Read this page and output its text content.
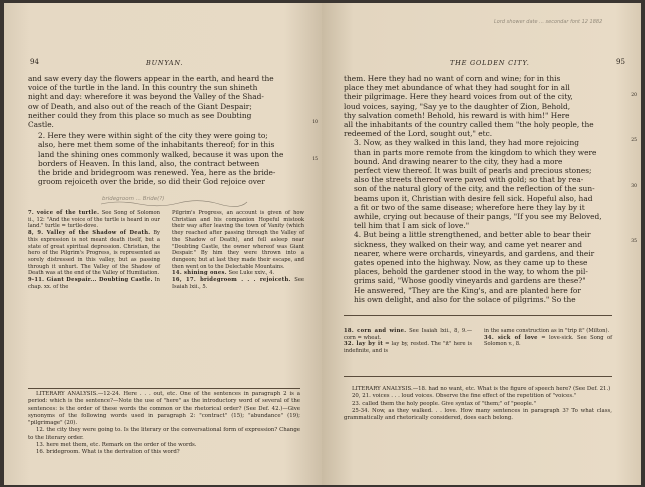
94	BUNYAN.

and saw every day the flowers appear in the earth, and heard the
voice of the turtle in the land. In this country the sun shineth
night and day: wherefore it was beyond the Valley of the Shad-
ow of Death, and also out of the reach of the Giant Despair;
neither could they from this place so much as see Doubting
Castle.

2. Here they were within sight of the city they were going to;
also, here met them some of the inhabitants thereof; for in this
land the shining ones commonly walked, because it was upon the
borders of Heaven. In this land, also, the contract between
the bride and bridegroom was renewed. Yea, here as the bride-
groom rejoiceth over the bride, so did their God rejoice over

10
15
bridegroom ... Bride(?)
7. voice of the turtle. See Song of Solomon ii., 12: "And the voice of the turtle is heard in our land." turtle = turtle-dove.
8, 9. Valley of the Shadow of Death. By this expression is not meant death itself, but a state of great spiritual depression. Christian, the hero of the Pilgrim's Progress, is represented as sorely distressed in this valley, but as passing through it unhurt. The Valley of the Shadow of Death was at the end of the Valley of Humiliation.
9-11. Giant Despair... Doubting Castle. In chap. xx. of the
Pilgrim's Progress, an account is given of how Christian and his companion Hopeful mistook their way after leaving the town of Vanity (which they reached after passing through the Valley of the Shadow of Death), and fell asleep near "Doubting Castle, the owner whereof was Giant Despair." By him they were thrown into a dungeon; but at last they made their escape, and then went on to the Delectable Mountains.
14. shining ones. See Luke xxiv., 4.
16, 17. bridegroom . . . rejoiceth. See Isaiah lxii., 5.

LITERARY ANALYSIS.—12-24. Here . . . out, etc. One of the sentences in paragraph 2 is a period: which is the sentence?—Note the use of "here" as the introductory word of several of the sentences: is the order of these words the common or the rhetorical order? (See Def. 42.)—Give synonyms of the following words used in paragraph 2: "contract" (15); "abundance" (19); "pilgrimage" (20).

12. the city they were going to. Is the literary or the conversational form of expression? Change to the literary order.

13. here met them, etc. Remark on the order of the words.

16. bridegroom. What is the derivation of this word?

Lord shower date ... secondar font 12 1882
THE GOLDEN CITY.	95

them. Here they had no want of corn and wine; for in this
place they met abundance of what they had sought for in all
their pilgrimage. Here they heard voices from out of the city,
loud voices, saying, "Say ye to the daughter of Zion, Behold,
thy salvation cometh! Behold, his reward is with him!" Here
all the inhabitants of the country called them "the holy people, the
redeemed of the Lord, sought out," etc.

3. Now, as they walked in this land, they had more rejoicing
than in parts more remote from the kingdom to which they were
bound. And drawing nearer to the city, they had a more
perfect view thereof. It was built of pearls and precious stones;
also the streets thereof were paved with gold; so that by rea-
son of the natural glory of the city, and the reflection of the sun-
beams upon it, Christian with desire fell sick. Hopeful also, had
a fit or two of the same disease; wherefore here they lay by it
awhile, crying out because of their pangs, "If you see my Beloved,
tell him that I am sick of love."

4. But being a little strengthened, and better able to bear their
sickness, they walked on their way, and came yet nearer and
nearer, where were orchards, vineyards, and gardens, and their
gates opened into the highway. Now, as they came up to these
places, behold the gardener stood in the way, to whom the pil-
grims said, "Whose goodly vineyards and gardens are these?"
He answered, "They are the King's, and are planted here for
his own delight, and also for the solace of pilgrims." So the

20
25
30
35
18. corn and wine. See Isaiah lxii., 8, 9.—corn = wheat.
32. lay by it = lay by, rested. The "it" here is indefinite, and is
in the same construction as in "trip it" (Milton).
34. sick of love = love-sick. See Song of Solomon v., 8.

LITERARY ANALYSIS.—18. had no want, etc. What is the figure of speech here? (See Def. 21.)

20, 21. voices . . . loud voices. Observe the fine effect of the repetition of "voices."

23. called them the holy people. Give syntax of "them;" of "people."

25-34. Now, as they walked. . . love. How many sentences in paragraph 3? To what class, grammatically and rhetorically considered, does each belong.
